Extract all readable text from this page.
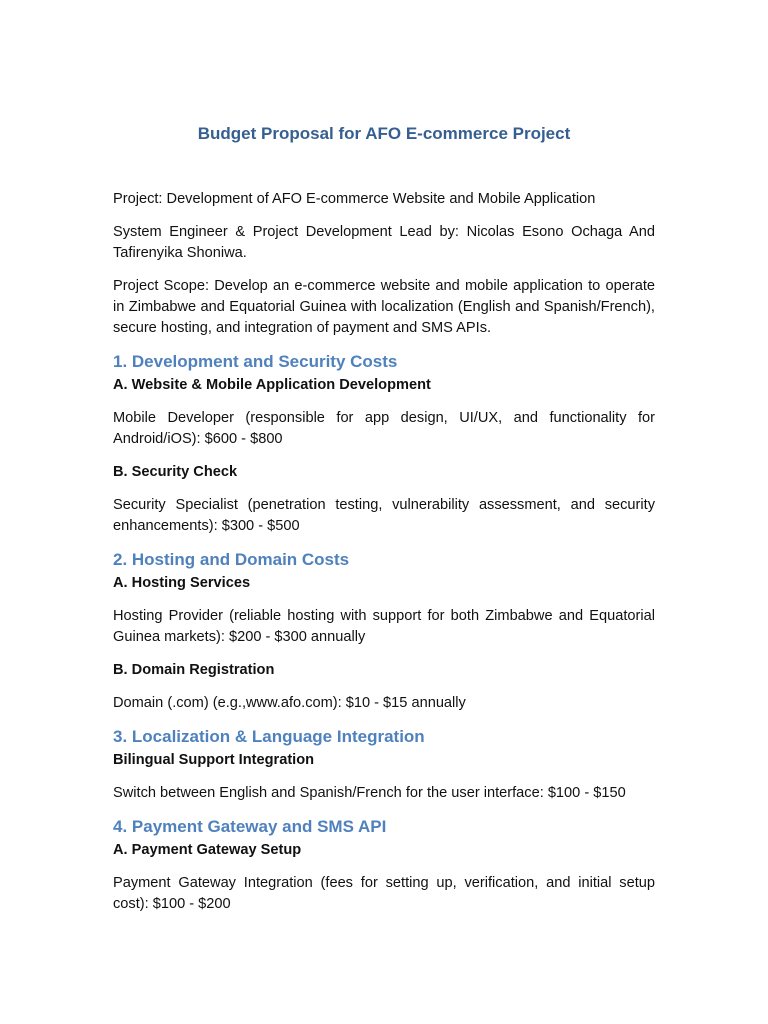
Budget Proposal for AFO E-commerce Project

Project: Development of AFO E-commerce Website and Mobile Application

System Engineer & Project Development Lead by: Nicolas Esono Ochaga And Tafirenyika Shoniwa.

Project Scope: Develop an e-commerce website and mobile application to operate in Zimbabwe and Equatorial Guinea with localization (English and Spanish/French), secure hosting, and integration of payment and SMS APIs.

1. Development and Security Costs
A. Website & Mobile Application Development

Mobile Developer (responsible for app design, UI/UX, and functionality for Android/iOS): $600 - $800

B. Security Check

Security Specialist (penetration testing, vulnerability assessment, and security enhancements): $300 - $500

2. Hosting and Domain Costs
A. Hosting Services

Hosting Provider (reliable hosting with support for both Zimbabwe and Equatorial Guinea markets): $200 - $300 annually

B. Domain Registration

Domain (.com) (e.g.,www.afo.com): $10 - $15 annually

3. Localization & Language Integration
Bilingual Support Integration

Switch between English and Spanish/French for the user interface: $100 - $150

4. Payment Gateway and SMS API
A. Payment Gateway Setup

Payment Gateway Integration (fees for setting up, verification, and initial setup cost): $100 - $200
